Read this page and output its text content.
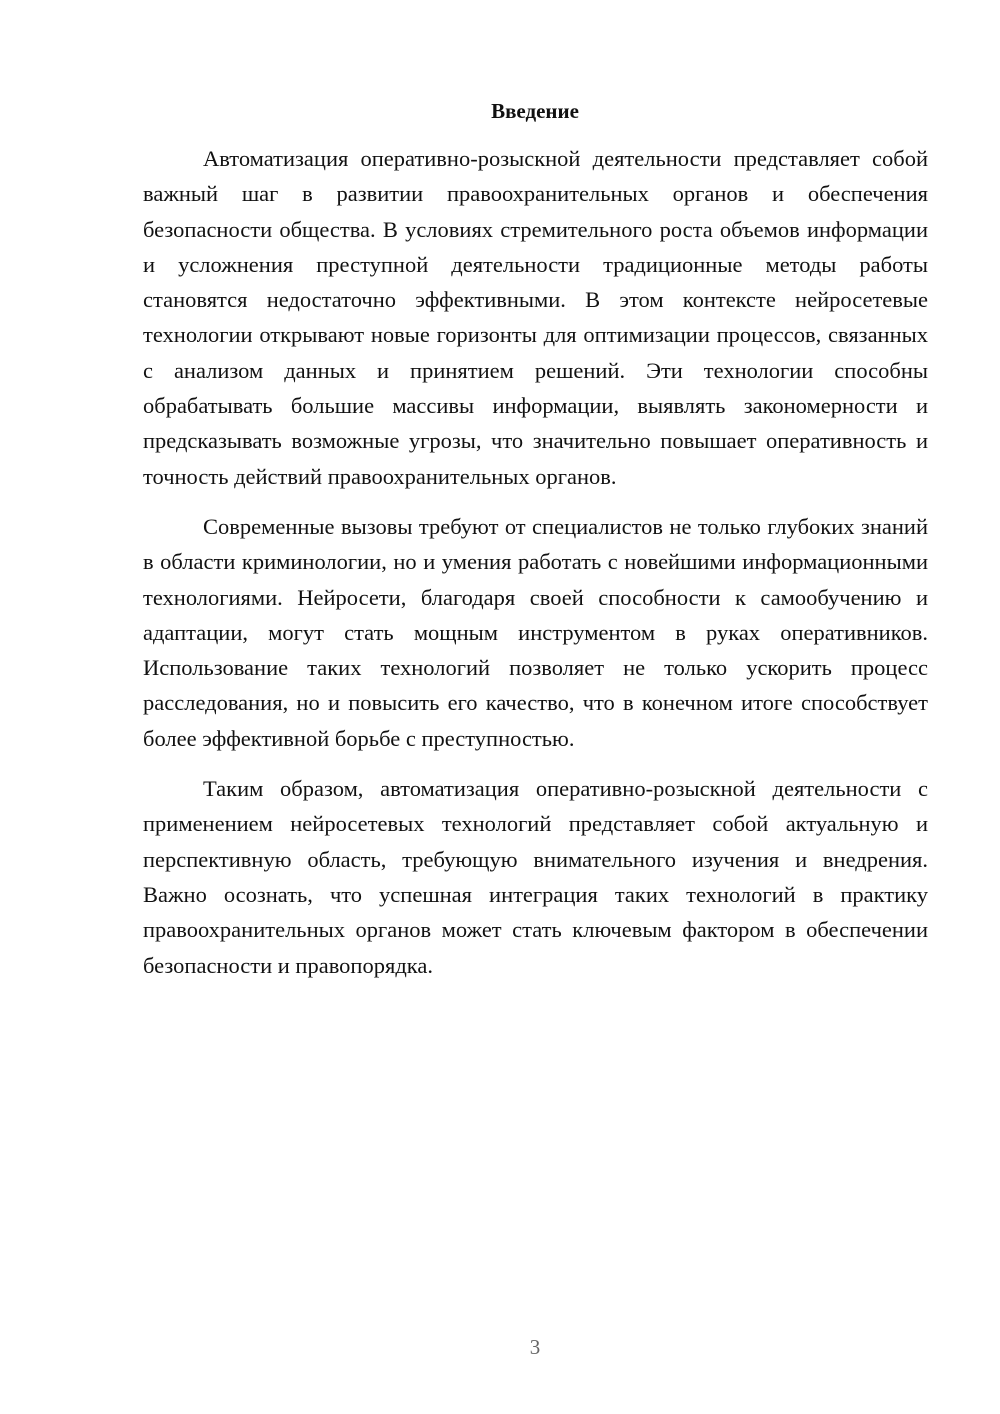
Введение

Автоматизация оперативно-розыскной деятельности представляет собой важный шаг в развитии правоохранительных органов и обеспечения безопасности общества. В условиях стремительного роста объемов информации и усложнения преступной деятельности традиционные методы работы становятся недостаточно эффективными. В этом контексте нейросетевые технологии открывают новые горизонты для оптимизации процессов, связанных с анализом данных и принятием решений. Эти технологии способны обрабатывать большие массивы информации, выявлять закономерности и предсказывать возможные угрозы, что значительно повышает оперативность и точность действий правоохранительных органов.

Современные вызовы требуют от специалистов не только глубоких знаний в области криминологии, но и умения работать с новейшими информационными технологиями. Нейросети, благодаря своей способности к самообучению и адаптации, могут стать мощным инструментом в руках оперативников. Использование таких технологий позволяет не только ускорить процесс расследования, но и повысить его качество, что в конечном итоге способствует более эффективной борьбе с преступностью.

Таким образом, автоматизация оперативно-розыскной деятельности с применением нейросетевых технологий представляет собой актуальную и перспективную область, требующую внимательного изучения и внедрения. Важно осознать, что успешная интеграция таких технологий в практику правоохранительных органов может стать ключевым фактором в обеспечении безопасности и правопорядка.

3
